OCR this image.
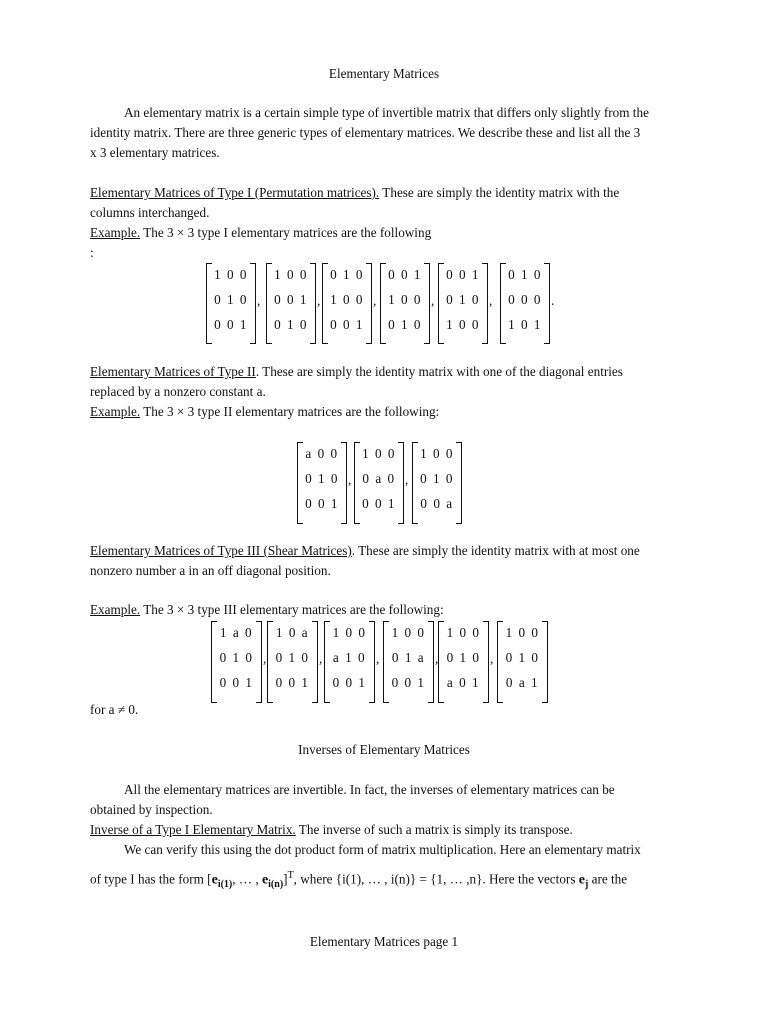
Elementary Matrices
An elementary matrix is a certain simple type of invertible matrix that differs only slightly from the
identity matrix. There are three generic types of elementary matrices. We describe these and list all the 3
x 3 elementary matrices.
Elementary Matrices of Type I (Permutation matrices). These are simply the identity matrix with the
columns interchanged.
Example. The 3 × 3 type I elementary matrices are the following
:
1 0 0
0 1 0
0 0 1
,
1 0 0
0 0 1
0 1 0
,
0 1 0
1 0 0
0 0 1
,
0 0 1
1 0 0
0 1 0
,
0 0 1
0 1 0
1 0 0
,
0 1 0
0 0 0
1 0 1
.
Elementary Matrices of Type II. These are simply the identity matrix with one of the diagonal entries
replaced by a nonzero constant a.
Example. The 3 × 3 type II elementary matrices are the following:
a 0 0
0 1 0
0 0 1
,
1 0 0
0 a 0
0 0 1
,
1 0 0
0 1 0
0 0 a
Elementary Matrices of Type III (Shear Matrices). These are simply the identity matrix with at most one
nonzero number a in an off diagonal position.
Example. The 3 × 3 type III elementary matrices are the following:
1 a 0
0 1 0
0 0 1
,
1 0 a
0 1 0
0 0 1
,
1 0 0
a 1 0
0 0 1
,
1 0 0
0 1 a
0 0 1
,
1 0 0
0 1 0
a 0 1
,
1 0 0
0 1 0
0 a 1
for a ≠ 0.
Inverses of Elementary Matrices
All the elementary matrices are invertible. In fact, the inverses of elementary matrices can be
obtained by inspection.
Inverse of a Type I Elementary Matrix. The inverse of such a matrix is simply its transpose.
We can verify this using the dot product form of matrix multiplication. Here an elementary matrix
of type I has the form [$e_{i(1)}$, … , $e_{i(n)}]^T$, where {i(1), … , i(n)} = {1, … ,n}. Here the vectors $e_j$ are the
Elementary Matrices page 1
